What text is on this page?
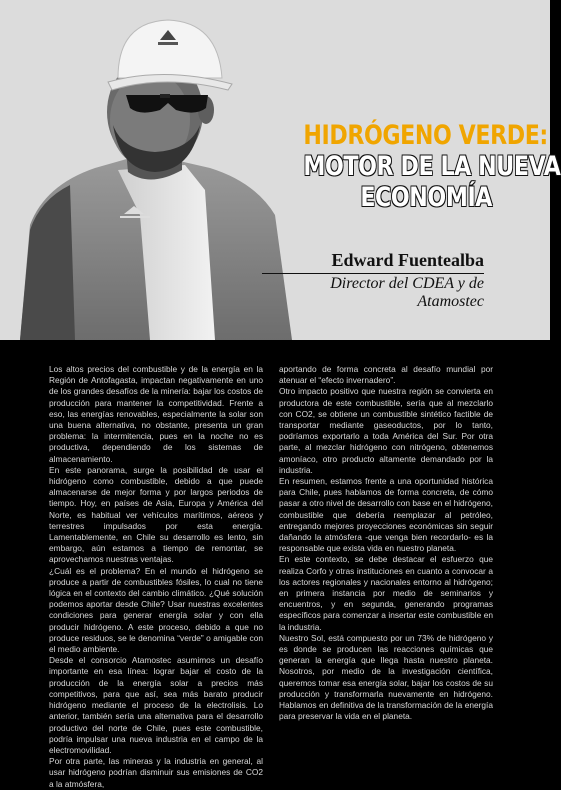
HIDRÓGENO VERDE:
MOTOR DE LA NUEVA
ECONOMÍA
Edward Fuentealba
Director del CDEA y de Atamostec

Los altos precios del combustible y de la energía en la Región de Antofagasta, impactan negativamente en uno de los grandes desafíos de la minería: bajar los costos de producción para mantener la competitividad. Frente a eso, las energías renovables, especialmente la solar son una buena alternativa, no obstante, presenta un gran problema: la intermitencia, pues en la noche no es productiva, dependiendo de los sistemas de almacenamiento.

En este panorama, surge la posibilidad de usar el hidrógeno como combustible, debido a que puede almacenarse de mejor forma y por largos periodos de tiempo. Hoy, en países de Asia, Europa y América del Norte, es habitual ver vehículos marítimos, aéreos y terrestres impulsados por esta energía. Lamentablemente, en Chile su desarrollo es lento, sin embargo, aún estamos a tiempo de remontar, se aprovechamos nuestras ventajas.

¿Cuál es el problema? En el mundo el hidrógeno se produce a partir de combustibles fósiles, lo cual no tiene lógica en el contexto del cambio climático. ¿Qué solución podemos aportar desde Chile? Usar nuestras excelentes condiciones para generar energía solar y con ella producir hidrógeno. A este proceso, debido a que no produce residuos, se le denomina “verde” o amigable con el medio ambiente.

Desde el consorcio Atamostec asumimos un desafío importante en esa línea: lograr bajar el costo de la producción de la energía solar a precios más competitivos, para que así, sea más barato producir hidrógeno mediante el proceso de la electrolisis. Lo anterior, también sería una alternativa para el desarrollo productivo del norte de Chile, pues este combustible, podría impulsar una nueva industria en el campo de la electromovilidad.

Por otra parte, las mineras y la industria en general, al usar hidrógeno podrían disminuir sus emisiones de CO2 a la atmósfera,

aportando de forma concreta al desafío mundial por atenuar el “efecto invernadero”.

Otro impacto positivo que nuestra región se convierta en productora de este combustible, sería que al mezclarlo con CO2, se obtiene un combustible sintético factible de transportar mediante gaseoductos, por lo tanto, podríamos exportarlo a toda América del Sur. Por otra parte, al mezclar hidrógeno con nitrógeno, obtenemos amoníaco, otro producto altamente demandado por la industria.

En resumen, estamos frente a una oportunidad histórica para Chile, pues hablamos de forma concreta, de cómo pasar a otro nivel de desarrollo con base en el hidrógeno, combustible que debería reemplazar al petróleo, entregando mejores proyecciones económicas sin seguir dañando la atmósfera -que venga bien recordarlo- es la responsable que exista vida en nuestro planeta.

En este contexto, se debe destacar el esfuerzo que realiza Corfo y otras instituciones en cuanto a convocar a los actores regionales y nacionales entorno al hidrógeno; en primera instancia por medio de seminarios y encuentros, y en segunda, generando programas específicos para comenzar a insertar este combustible en la industria.

Nuestro Sol, está compuesto por un 73% de hidrógeno y es donde se producen las reacciones químicas que generan la energía que llega hasta nuestro planeta. Nosotros, por medio de la investigación científica, queremos tomar esa energía solar, bajar los costos de su producción y transformarla nuevamente en hidrógeno. Hablamos en definitiva de la transformación de la energía para preservar la vida en el planeta.
